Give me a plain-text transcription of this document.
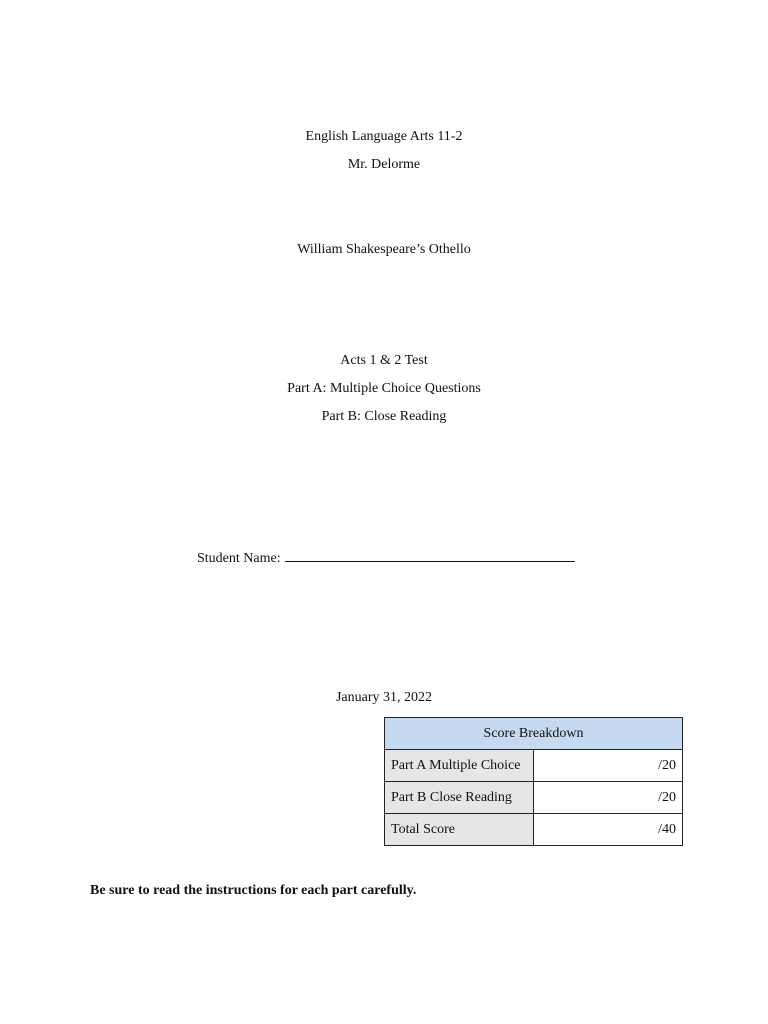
English Language Arts 11-2
Mr. Delorme
William Shakespeare’s Othello
Acts 1 & 2 Test
Part A: Multiple Choice Questions
Part B: Close Reading
Student Name:
January 31, 2022
Score Breakdown	
Part A Multiple Choice	/20
Part B Close Reading	/20
Total Score	/40
Be sure to read the instructions for each part carefully.
